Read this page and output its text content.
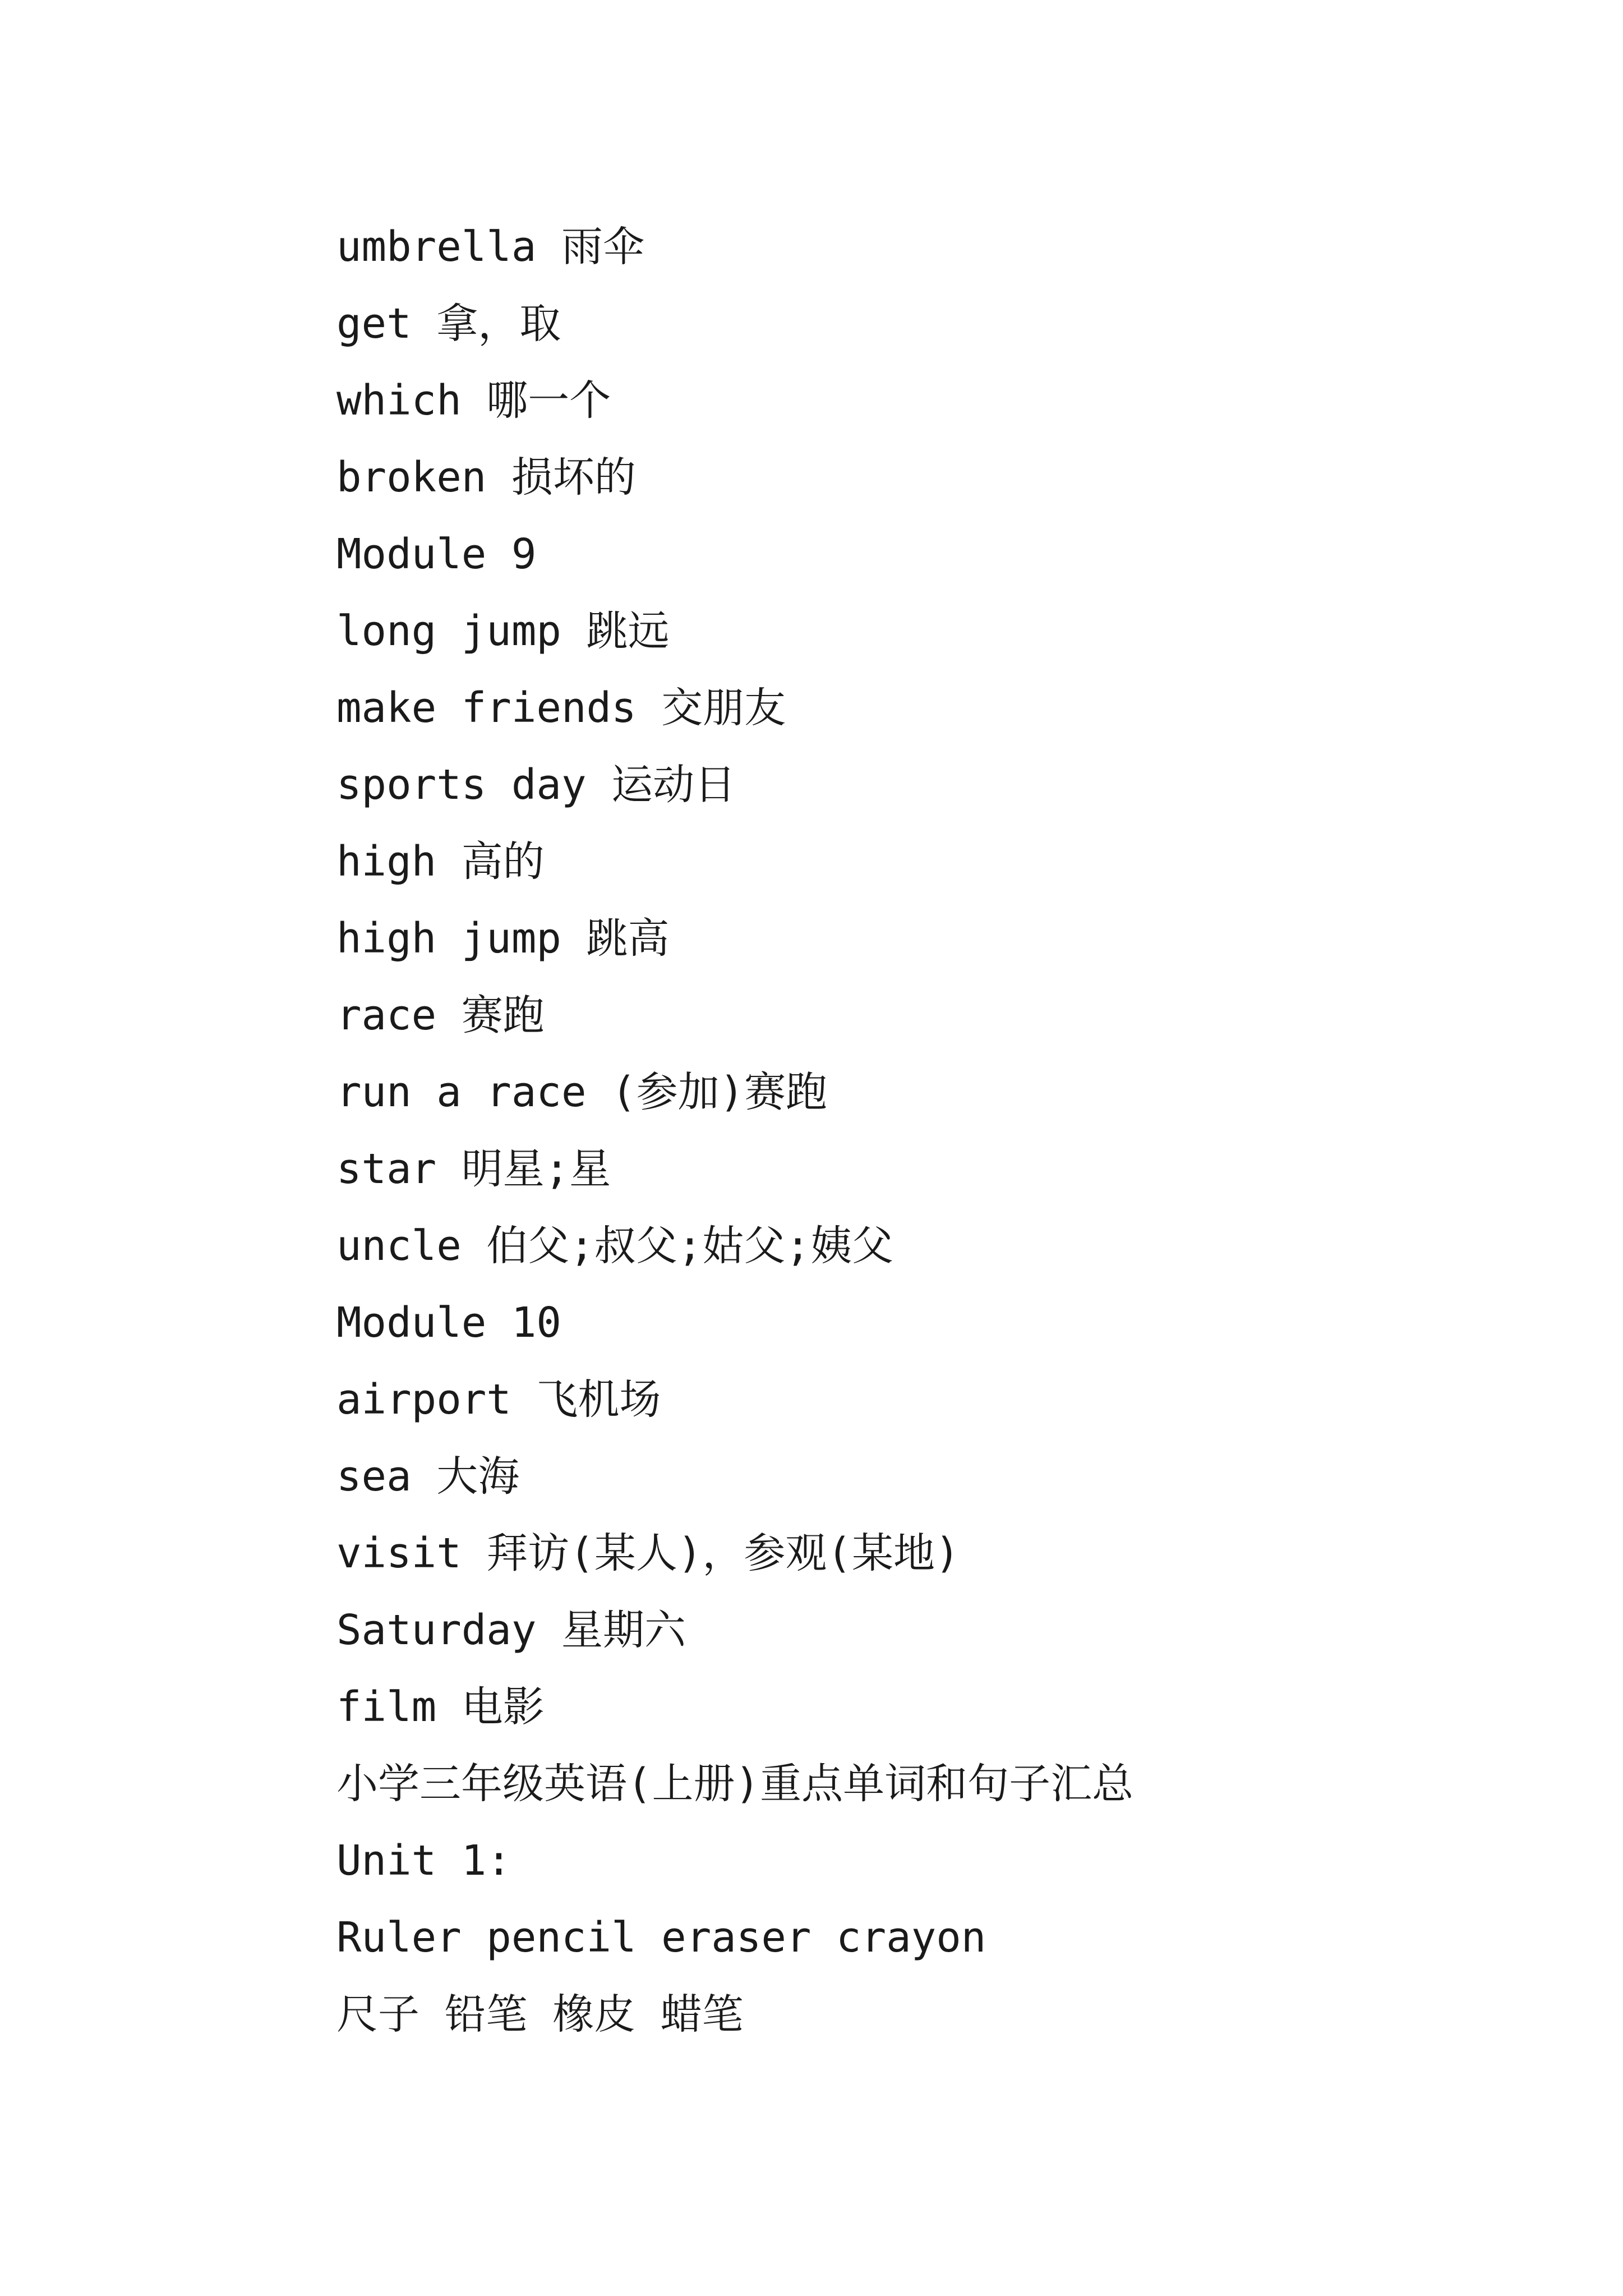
umbrella 雨伞
get 拿，取
which 哪一个
broken 损坏的
Module 9
long jump 跳远
make friends 交朋友
sports day 运动日
high 高的
high jump 跳高
race 赛跑
run a race (参加)赛跑
star 明星;星
uncle 伯父;叔父;姑父;姨父
Module 10
airport 飞机场
sea 大海
visit 拜访(某人)，参观(某地)
Saturday 星期六
film 电影
小学三年级英语(上册)重点单词和句子汇总
Unit 1:
Ruler pencil eraser crayon
尺子 铅笔 橡皮 蜡笔
